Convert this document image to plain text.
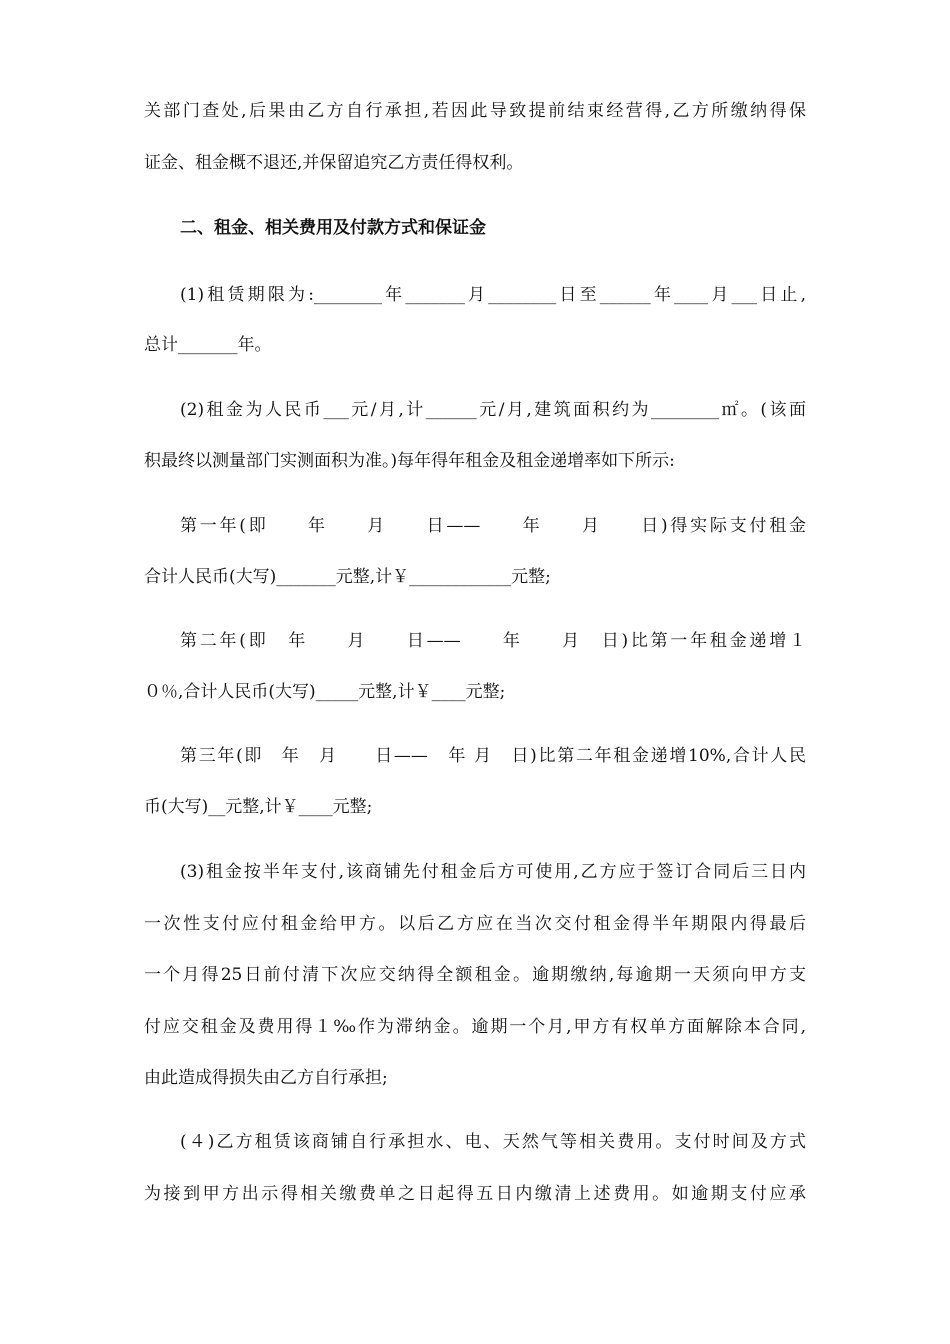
关部门查处,后果由乙方自行承担,若因此导致提前结束经营得,乙方所缴纳得保
证金、租金概不退还,并保留追究乙方责任得权利。
二、租金、相关费用及付款方式和保证金
(1)租赁期限为:________年_______月________日至______年____月___日止,
总计_______年。
(2)租金为人民币___元/月,计______元/月,建筑面积约为________㎡。(该面
积最终以测量部门实测面积为准。)每年得年租金及租金递增率如下所示:
第一年(即　　年　　月　　日——　　年　　月　　日)得实际支付租金
合计人民币(大写)_______元整,计￥____________元整;
第二年(即　年　　月　　日——　　年　　月　日)比第一年租金递增１
０％,合计人民币(大写)_____元整,计￥____元整;
第三年(即　年　月　　日——　年 月　日)比第二年租金递增10%,合计人民
币(大写)__元整,计￥____元整;
(3)租金按半年支付,该商铺先付租金后方可使用,乙方应于签订合同后三日内
一次性支付应付租金给甲方。以后乙方应在当次交付租金得半年期限内得最后
一个月得25日前付清下次应交纳得全额租金。逾期缴纳,每逾期一天须向甲方支
付应交租金及费用得１‰作为滞纳金。逾期一个月,甲方有权单方面解除本合同,
由此造成得损失由乙方自行承担;
(４)乙方租赁该商铺自行承担水、电、天然气等相关费用。支付时间及方式
为接到甲方出示得相关缴费单之日起得五日内缴清上述费用。如逾期支付应承
